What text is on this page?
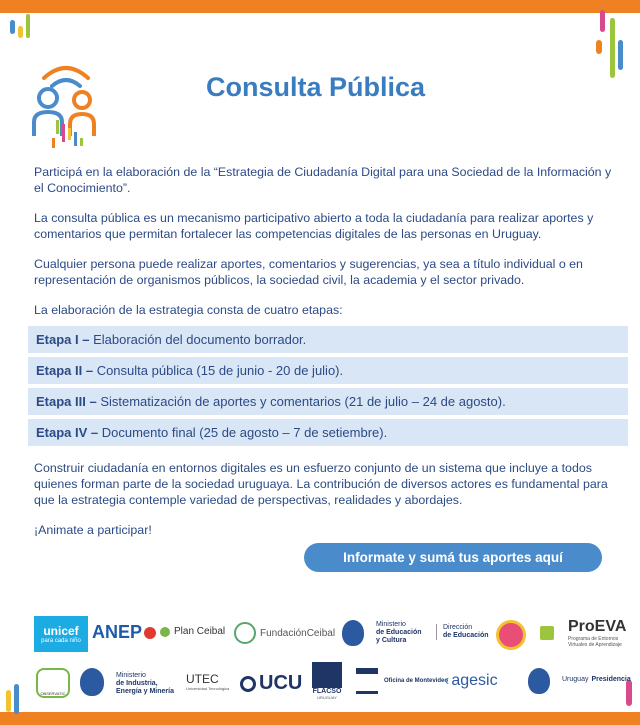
Consulta Pública

Participá en la elaboración de la “Estrategia de Ciudadanía Digital para una Sociedad de la Información y el Conocimiento”.

La consulta pública es un mecanismo participativo abierto a toda la ciudadanía para realizar aportes y comentarios que permitan fortalecer las competencias digitales de las personas en Uruguay.

Cualquier persona puede realizar aportes, comentarios y sugerencias, ya sea a título individual o en representación de organismos públicos, la sociedad civil, la academia y el sector privado.

La elaboración de la estrategia consta de cuatro etapas:

Etapa I – Elaboración del documento borrador.
Etapa II – Consulta pública (15 de junio - 20 de julio).
Etapa III – Sistematización de aportes y comentarios (21 de julio – 24 de agosto).
Etapa IV – Documento final (25 de agosto – 7 de setiembre).

Construir ciudadanía en entornos digitales es un esfuerzo conjunto de un sistema que incluye a todos quienes forman parte de la sociedad uruguaya. La contribución de diversos actores es fundamental para que la estrategia contemple variedad de perspectivas, realidades y abordajes.

¡Animate a participar!

Informate y sumá tus aportes aquí
unicef
para cada niño ANEP	Plan Ceibal	FundaciónCeibal
Ministerio
de Educación
y Cultura
Dirección
de Educación
ProEVA
Programa de Entornos Virtuales de Aprendizaje
OBSERVATIC
Ministerio
de Industria,
Energía y Minería
UTEC
Universidad Tecnológica UCU FLACSO
URUGUAY
Oficina de Montevideo
‹ agesic	Uruguay Presidencia
